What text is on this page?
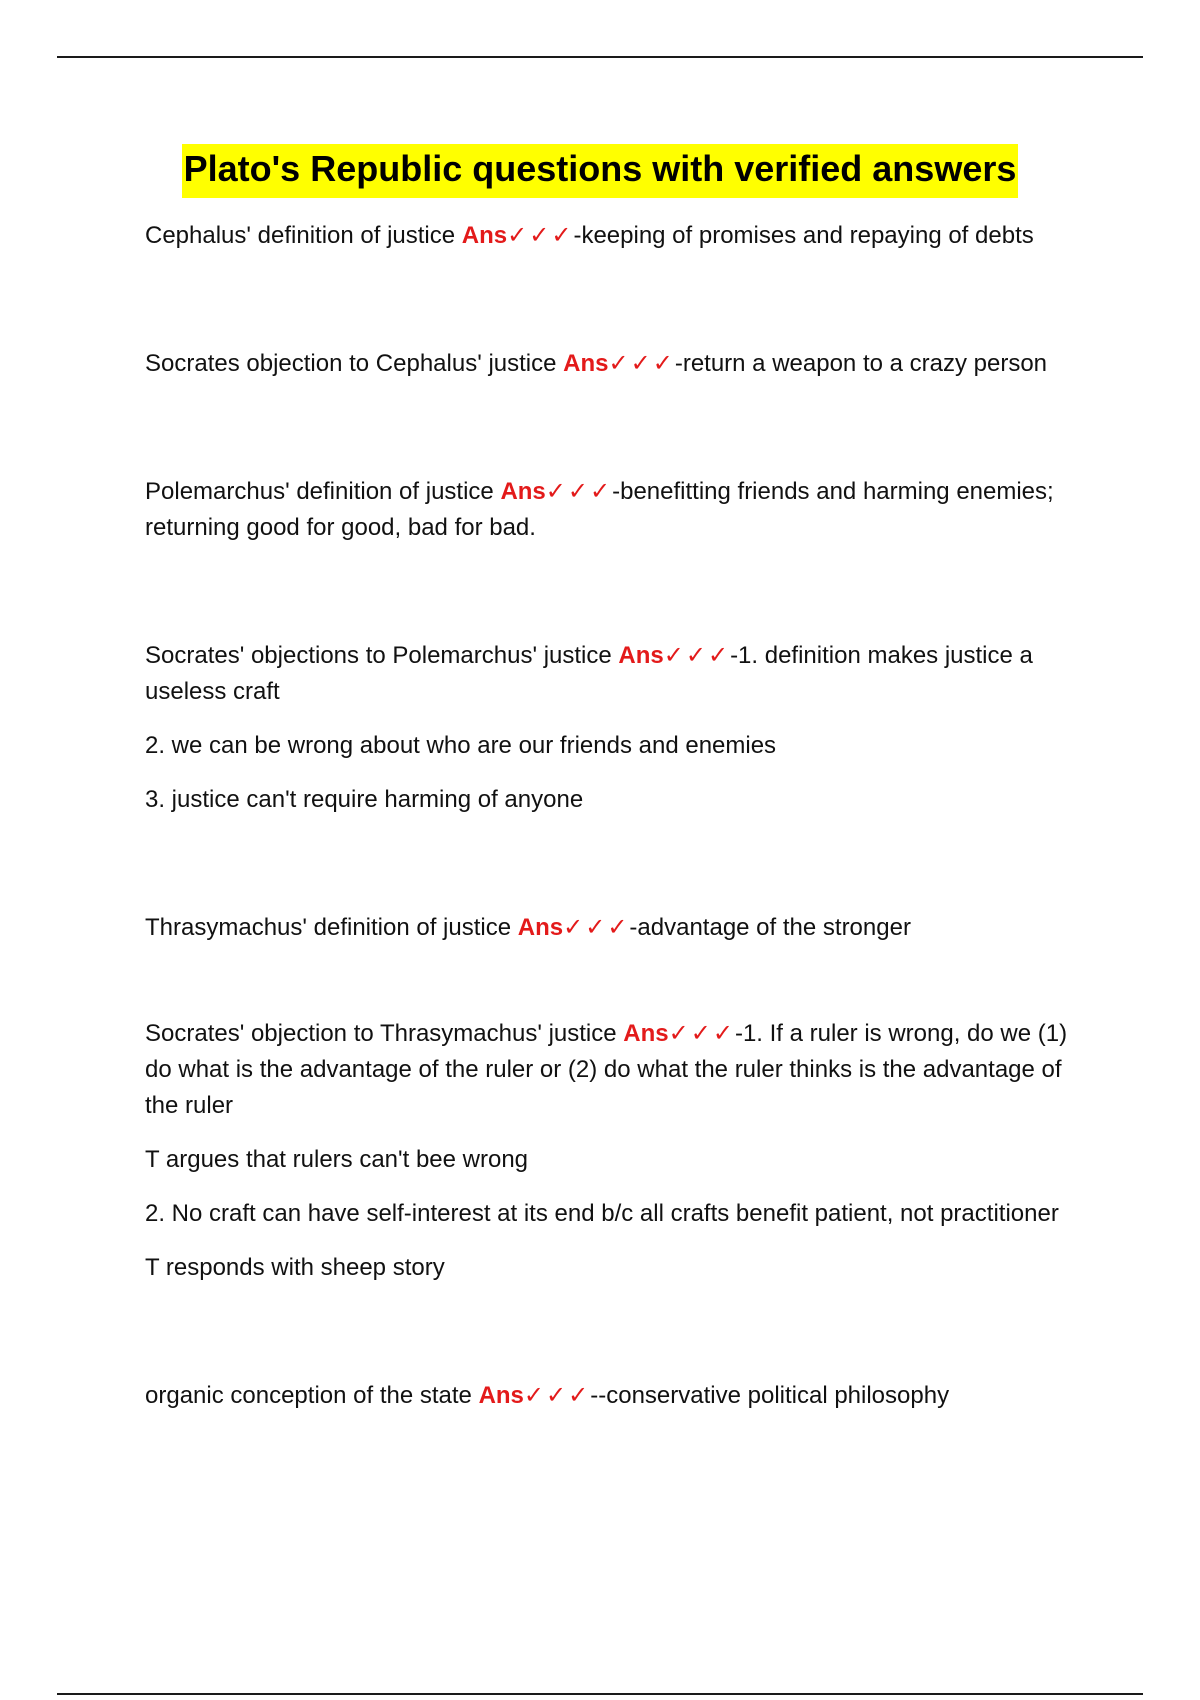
Plato's Republic questions with verified answers

Cephalus' definition of justice Ans✓✓✓-keeping of promises and repaying of debts

Socrates objection to Cephalus' justice Ans✓✓✓-return a weapon to a crazy person

Polemarchus' definition of justice Ans✓✓✓-benefitting friends and harming enemies; returning good for good, bad for bad.

Socrates' objections to Polemarchus' justice Ans✓✓✓-1. definition makes justice a useless craft

2. we can be wrong about who are our friends and enemies

3. justice can't require harming of anyone

Thrasymachus' definition of justice Ans✓✓✓-advantage of the stronger

Socrates' objection to Thrasymachus' justice Ans✓✓✓-1. If a ruler is wrong, do we (1) do what is the advantage of the ruler or (2) do what the ruler thinks is the advantage of the ruler

T argues that rulers can't bee wrong

2. No craft can have self-interest at its end b/c all crafts benefit patient, not practitioner

T responds with sheep story

organic conception of the state Ans✓✓✓--conservative political philosophy
